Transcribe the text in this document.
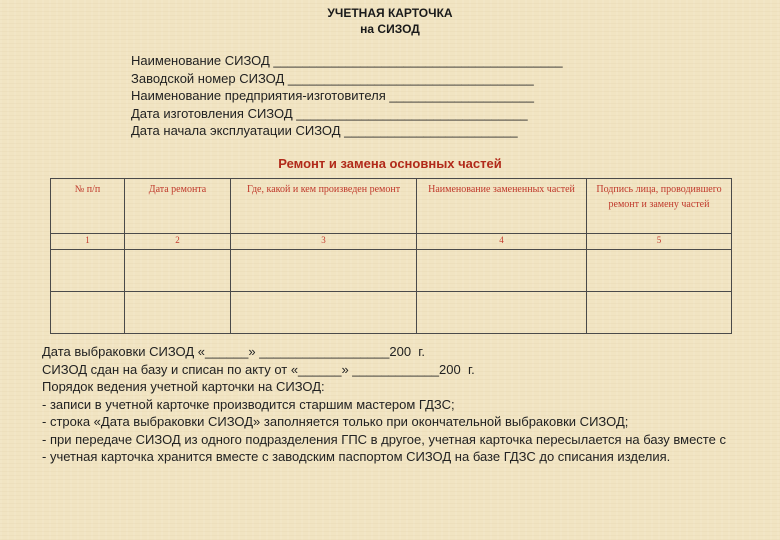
УЧЕТНАЯ КАРТОЧКА
на СИЗОД
Наименование СИЗОД ________________________________________
Заводской номер СИЗОД __________________________________
Наименование предприятия-изготовителя ____________________
Дата изготовления СИЗОД ________________________________
Дата начала эксплуатации СИЗОД ________________________
Ремонт и замена основных частей
№ п/п	Дата ремонта	Где, какой и кем произведен ремонт	Наименование замененных частей	Подпись лица, проводившего ремонт и замену частей
1	2	3	4	5

Дата выбраковки СИЗОД «______» __________________200  г.
СИЗОД сдан на базу и списан по акту от «______» ____________200  г.
Порядок ведения учетной карточки на СИЗОД:
- записи в учетной карточке производится старшим мастером ГДЗС;
- строка «Дата выбраковки СИЗОД» заполняется только при окончательной выбраковки СИЗОД;
- при передаче СИЗОД из одного подразделения ГПС в другое, учетная карточка пересылается на базу вместе с
- учетная карточка хранится вместе с заводским паспортом СИЗОД на базе ГДЗС до списания изделия.
